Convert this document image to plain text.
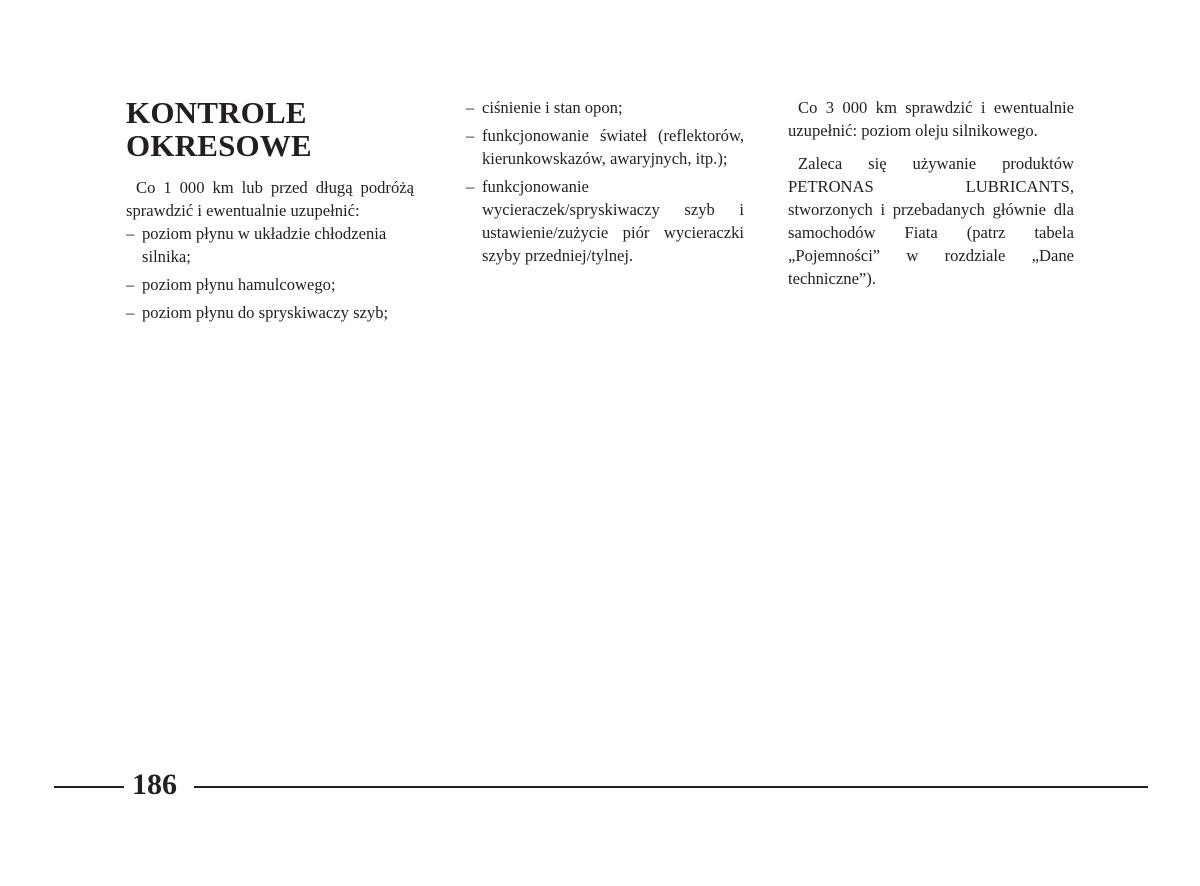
KONTROLE
OKRESOWE

Co 1 000 km lub przed długą podróżą sprawdzić i ewentualnie uzupełnić:

– poziom płynu w układzie chłodzenia silnika;
– poziom płynu hamulcowego;
– poziom płynu do spryskiwaczy szyb;
– ciśnienie i stan opon;
– funkcjonowanie świateł (reflektorów, kierunkowskazów, awaryjnych, itp.);
– funkcjonowanie wycieraczek/spryskiwaczy szyb i ustawienie/zużycie piór wycieraczki szyby przedniej/tylnej.

Co 3 000 km sprawdzić i ewentualnie uzupełnić: poziom oleju silnikowego.

Zaleca się używanie produktów PETRONAS LUBRICANTS, stworzonych i przebadanych głównie dla samochodów Fiata (patrz tabela „Pojemności” w rozdziale „Dane techniczne”).

186
